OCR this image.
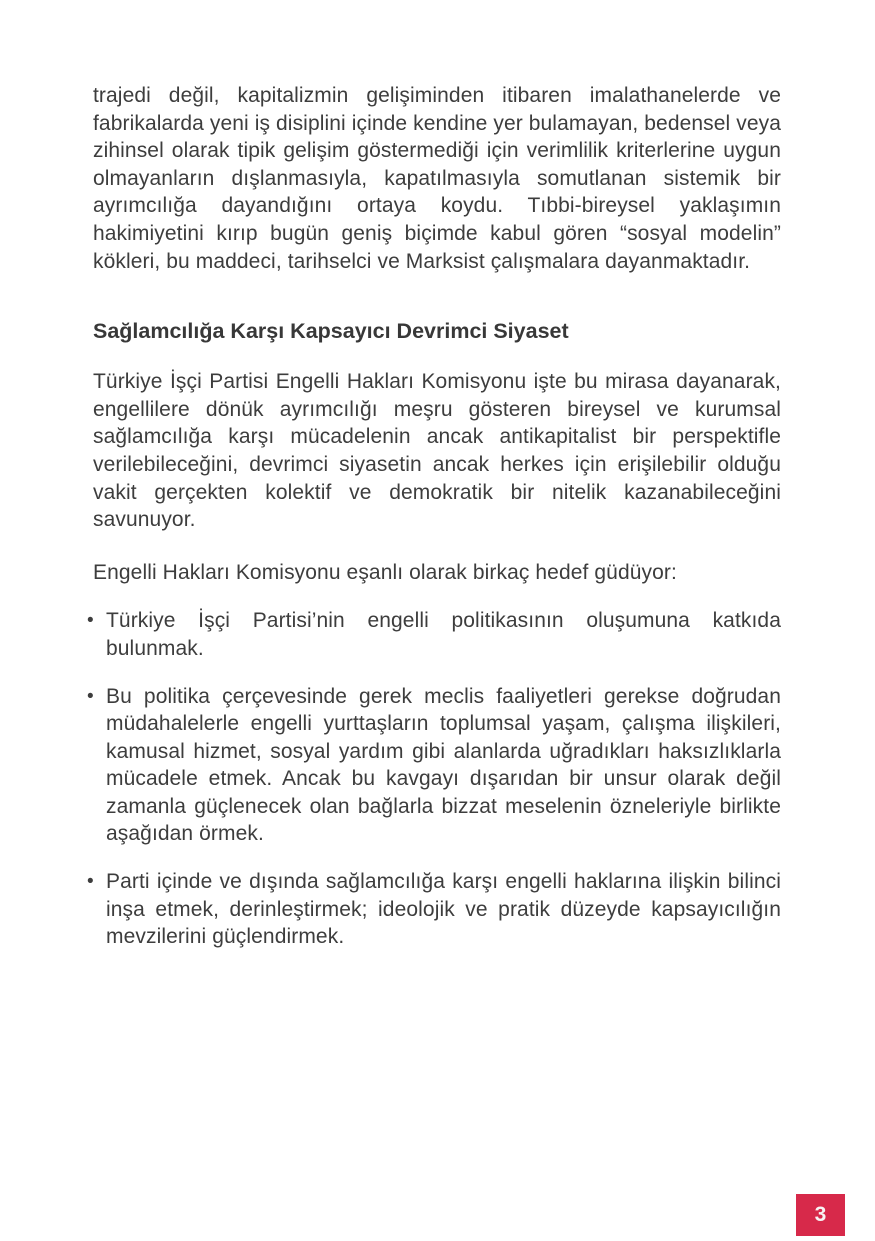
trajedi değil, kapitalizmin gelişiminden itibaren imalathanelerde ve fabrikalarda yeni iş disiplini içinde kendine yer bulamayan, bedensel veya zihinsel olarak tipik gelişim göstermediği için verimlilik kriterlerine uygun olmayanların dışlanmasıyla, kapatılmasıyla somutlanan sistemik bir ayrımcılığa dayandığını ortaya koydu. Tıbbi-bireysel yaklaşımın hakimiyetini kırıp bugün geniş biçimde kabul gören “sosyal modelin” kökleri, bu maddeci, tarihselci ve Marksist çalışmalara dayanmaktadır.

Sağlamcılığa Karşı Kapsayıcı Devrimci Siyaset

Türkiye İşçi Partisi Engelli Hakları Komisyonu işte bu mirasa dayanarak, engellilere dönük ayrımcılığı meşru gösteren bireysel ve kurumsal sağlamcılığa karşı mücadelenin ancak antikapitalist bir perspektifle verilebileceğini, devrimci siyasetin ancak herkes için erişilebilir olduğu vakit gerçekten kolektif ve demokratik bir nitelik kazanabileceğini savunuyor.

Engelli Hakları Komisyonu eşanlı olarak birkaç hedef güdüyor:

• Türkiye İşçi Partisi’nin engelli politikasının oluşumuna katkıda bulunmak.
• Bu politika çerçevesinde gerek meclis faaliyetleri gerekse doğrudan müdahalelerle engelli yurttaşların toplumsal yaşam, çalışma ilişkileri, kamusal hizmet, sosyal yardım gibi alanlarda uğradıkları haksızlıklarla mücadele etmek. Ancak bu kavgayı dışarıdan bir unsur olarak değil zamanla güçlenecek olan bağlarla bizzat meselenin özneleriyle birlikte aşağıdan örmek.
• Parti içinde ve dışında sağlamcılığa karşı engelli haklarına ilişkin bilinci inşa etmek, derinleştirmek; ideolojik ve pratik düzeyde kapsayıcılığın mevzilerini güçlendirmek.
3
